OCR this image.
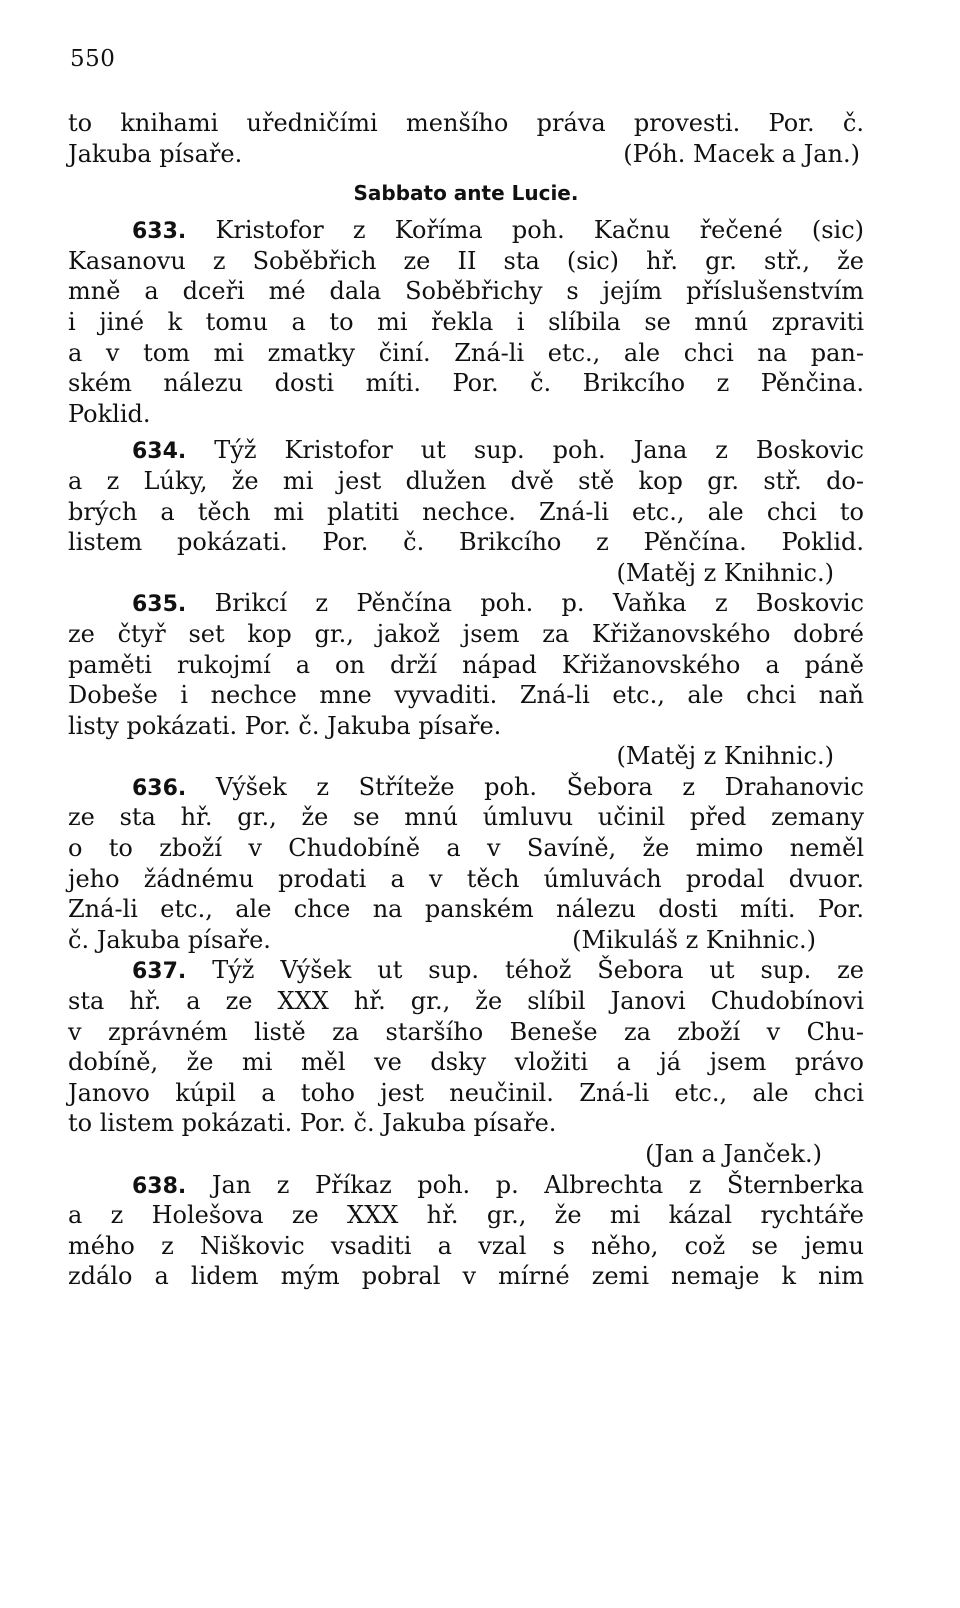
550
to knihami uředničími menšího práva provesti. Por. č.
Jakuba písaře.	(Póh. Macek a Jan.)
Sabbato ante Lucie.
633. Kristofor z Kořímа poh. Kačnu řečené (sic)
Kasanovu z Soběbřich ze II sta (sic) hř. gr. stř., že
mně a dceři mé dala Soběbřichy s jejím příslušenstvím
i jiné k tomu a to mi řekla i slíbila se mnú zpraviti
a v tom mi zmatky činí. Zná-li etc., ale chci na pan-
ském nálezu dosti míti. Por. č. Brikcího z Pěnčina.
Poklid.
634. Týž Kristofor ut sup. poh. Jana z Boskovic
a z Lúky, že mi jest dlužen dvě stě kop gr. stř. do-
brých a těch mi platiti nechce. Zná-li etc., ale chci to
listem pokázati. Por. č. Brikcího z Pěnčína. Poklid.
(Matěj z Knihnic.)
635. Brikcí z Pěnčína poh. p. Vaňka z Boskovic
ze čtyř set kop gr., jakož jsem za Křižanovského dobré
paměti rukojmí a on drží nápad Křižanovského a páně
Dobeše i nechce mne vyvaditi. Zná-li etc., ale chci naň
listy pokázati. Por. č. Jakuba písaře.
(Matěj z Knihnic.)
636. Výšek z Stříteže poh. Šebora z Drahanovic
ze sta hř. gr., že se mnú úmluvu učinil před zemany
o to zboží v Chudobíně a v Savíně, že mimo neměl
jeho žádnému prodati a v těch úmluvách prodal dvuor.
Zná-li etc., ale chce na panském nálezu dosti míti. Por.
č. Jakuba písaře.	(Mikuláš z Knihnic.)
637. Týž Výšek ut sup. téhož Šebora ut sup. ze
sta hř. a ze XXX hř. gr., že slíbil Janovi Chudobínovi
v zprávném listě za staršího Beneše za zboží v Chu-
dobíně, že mi měl ve dsky vložiti a já jsem právo
Janovo kúpil a toho jest neučinil. Zná-li etc., ale chci
to listem pokázati. Por. č. Jakuba písaře.
(Jan a Janček.)
638. Jan z Příkaz poh. p. Albrechta z Šternberka
a z Holešova ze XXX hř. gr., že mi kázal rychtáře
mého z Niškovic vsaditi a vzal s něho, což se jemu
zdálo a lidem mým pobral v mírné zemi nemaje k nim
